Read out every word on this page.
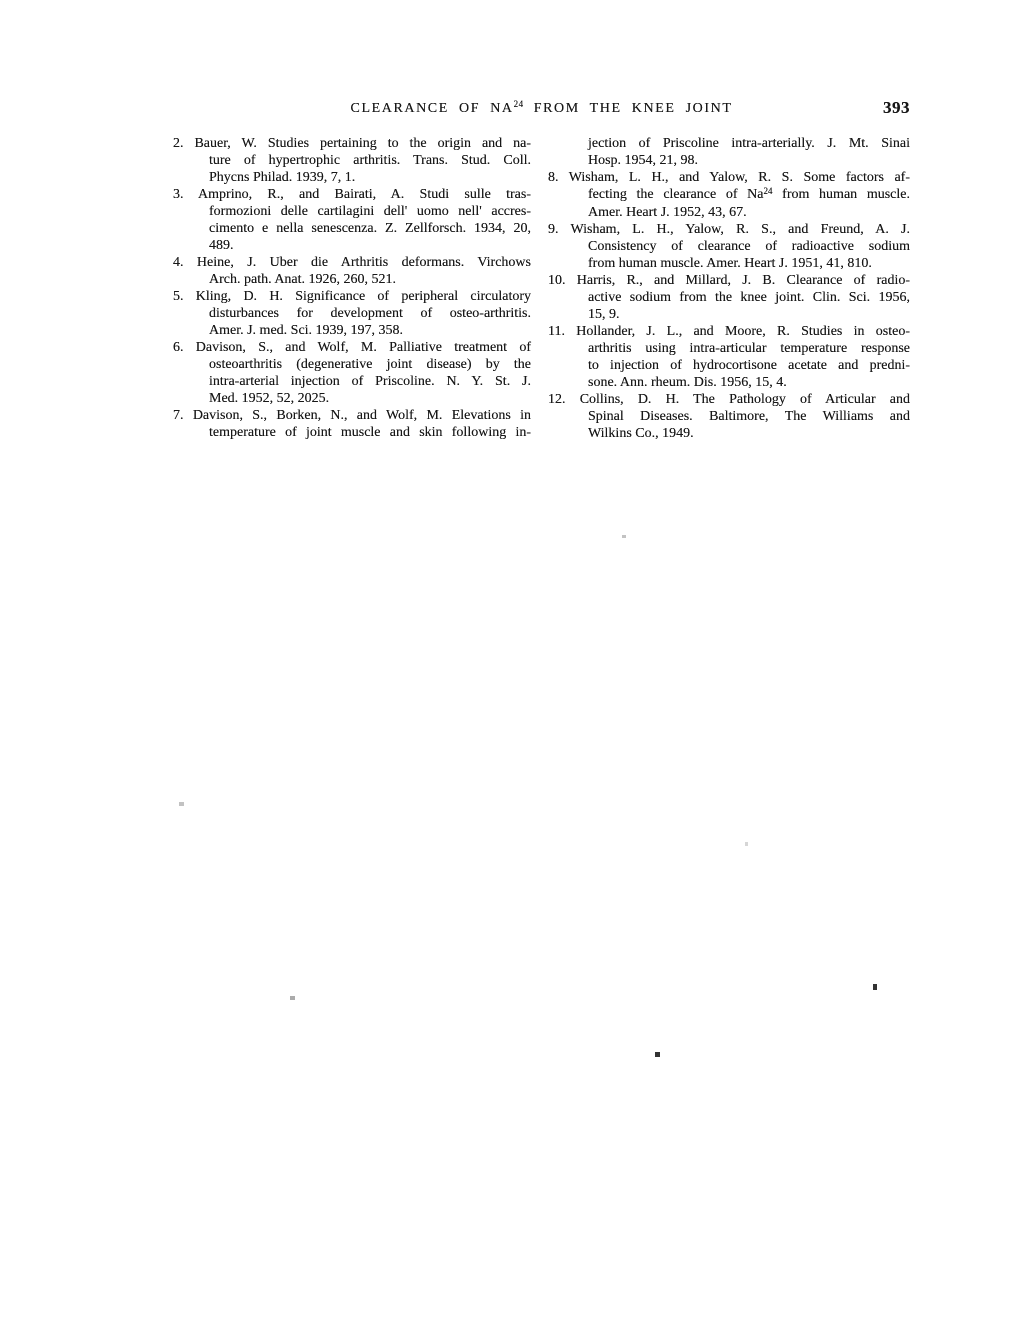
CLEARANCE OF NA$^{24}$ FROM THE KNEE JOINT	393
2. Bauer, W. Studies pertaining to the origin and na-
ture of hypertrophic arthritis. Trans. Stud. Coll.
Phycns Philad. 1939, 7, 1.
3. Amprino, R., and Bairati, A. Studi sulle tras-
formozioni delle cartilagini dell' uomo nell' accres-
cimento e nella senescenza. Z. Zellforsch. 1934, 20,
489.
4. Heine, J. Uber die Arthritis deformans. Virchows
Arch. path. Anat. 1926, 260, 521.
5. Kling, D. H. Significance of peripheral circulatory
disturbances for development of osteo-arthritis.
Amer. J. med. Sci. 1939, 197, 358.
6. Davison, S., and Wolf, M. Palliative treatment of
osteoarthritis (degenerative joint disease) by the
intra-arterial injection of Priscoline. N. Y. St. J.
Med. 1952, 52, 2025.
7. Davison, S., Borken, N., and Wolf, M. Elevations in
temperature of joint muscle and skin following in-
jection of Priscoline intra-arterially. J. Mt. Sinai
Hosp. 1954, 21, 98.
8. Wisham, L. H., and Yalow, R. S. Some factors af-
fecting the clearance of Na$^{24}$ from human muscle.
Amer. Heart J. 1952, 43, 67.
9. Wisham, L. H., Yalow, R. S., and Freund, A. J.
Consistency of clearance of radioactive sodium
from human muscle. Amer. Heart J. 1951, 41, 810.
10. Harris, R., and Millard, J. B. Clearance of radio-
active sodium from the knee joint. Clin. Sci. 1956,
15, 9.
11. Hollander, J. L., and Moore, R. Studies in osteo-
arthritis using intra-articular temperature response
to injection of hydrocortisone acetate and predni-
sone. Ann. rheum. Dis. 1956, 15, 4.
12. Collins, D. H. The Pathology of Articular and
Spinal Diseases. Baltimore, The Williams and
Wilkins Co., 1949.
